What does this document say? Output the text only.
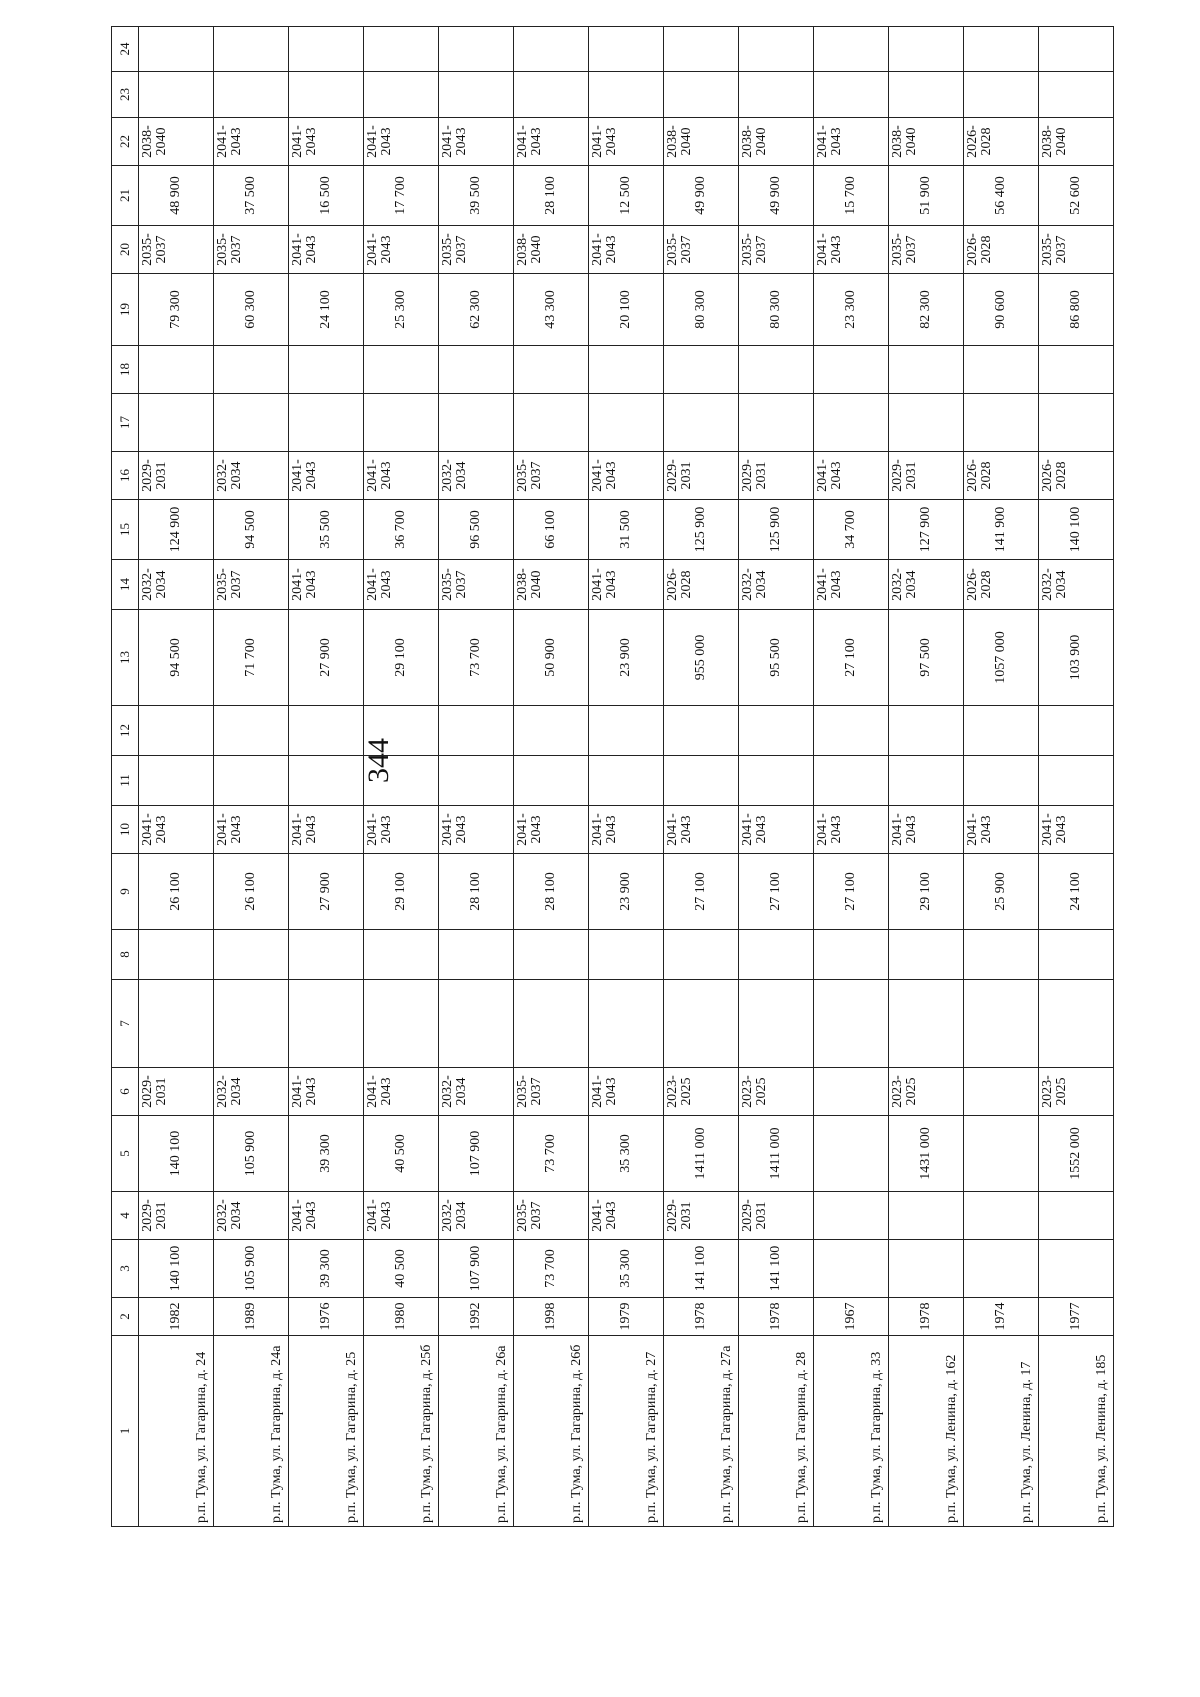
344
1	2	3	4	5	6	7	8	9	10	11	12	13	14	15	16	17	18	19	20	21	22	23	24
р.п. Тума, ул. Гагарина, д. 24	1982	140 100	2029- 2031	140 100	2029- 2031			26 100	2041- 2043			94 500	2032- 2034	124 900	2029- 2031			79 300	2035- 2037	48 900	2038- 2040		

р.п. Тума, ул. Гагарина, д. 24а	1989	105 900	2032- 2034	105 900	2032- 2034			26 100	2041- 2043			71 700	2035- 2037	94 500	2032- 2034			60 300	2035- 2037	37 500	2041- 2043		

р.п. Тума, ул. Гагарина, д. 25	1976	39 300	2041- 2043	39 300	2041- 2043			27 900	2041- 2043			27 900	2041- 2043	35 500	2041- 2043			24 100	2041- 2043	16 500	2041- 2043		

р.п. Тума, ул. Гагарина, д. 25б	1980	40 500	2041- 2043	40 500	2041- 2043			29 100	2041- 2043			29 100	2041- 2043	36 700	2041- 2043			25 300	2041- 2043	17 700	2041- 2043		

р.п. Тума, ул. Гагарина, д. 26а	1992	107 900	2032- 2034	107 900	2032- 2034			28 100	2041- 2043			73 700	2035- 2037	96 500	2032- 2034			62 300	2035- 2037	39 500	2041- 2043		

р.п. Тума, ул. Гагарина, д. 26б	1998	73 700	2035- 2037	73 700	2035- 2037			28 100	2041- 2043			50 900	2038- 2040	66 100	2035- 2037			43 300	2038- 2040	28 100	2041- 2043		

р.п. Тума, ул. Гагарина, д. 27	1979	35 300	2041- 2043	35 300	2041- 2043			23 900	2041- 2043			23 900	2041- 2043	31 500	2041- 2043			20 100	2041- 2043	12 500	2041- 2043		

р.п. Тума, ул. Гагарина, д. 27а	1978	141 100	2029- 2031	1411 000	2023- 2025			27 100	2041- 2043			955 000	2026- 2028	125 900	2029- 2031			80 300	2035- 2037	49 900	2038- 2040		

р.п. Тума, ул. Гагарина, д. 28	1978	141 100	2029- 2031	1411 000	2023- 2025			27 100	2041- 2043			95 500	2032- 2034	125 900	2029- 2031			80 300	2035- 2037	49 900	2038- 2040		

р.п. Тума, ул. Гагарина, д. 33	1967							27 100	2041- 2043			27 100	2041- 2043	34 700	2041- 2043			23 300	2041- 2043	15 700	2041- 2043		

р.п. Тума, ул. Ленина, д. 162	1978			1431 000	2023- 2025			29 100	2041- 2043			97 500	2032- 2034	127 900	2029- 2031			82 300	2035- 2037	51 900	2038- 2040		

р.п. Тума, ул. Ленина, д. 17	1974							25 900	2041- 2043			1057 000	2026- 2028	141 900	2026- 2028			90 600	2026- 2028	56 400	2026- 2028		

р.п. Тума, ул. Ленина, д. 185	1977			1552 000	2023- 2025			24 100	2041- 2043			103 900	2032- 2034	140 100	2026- 2028			86 800	2035- 2037	52 600	2038- 2040		
